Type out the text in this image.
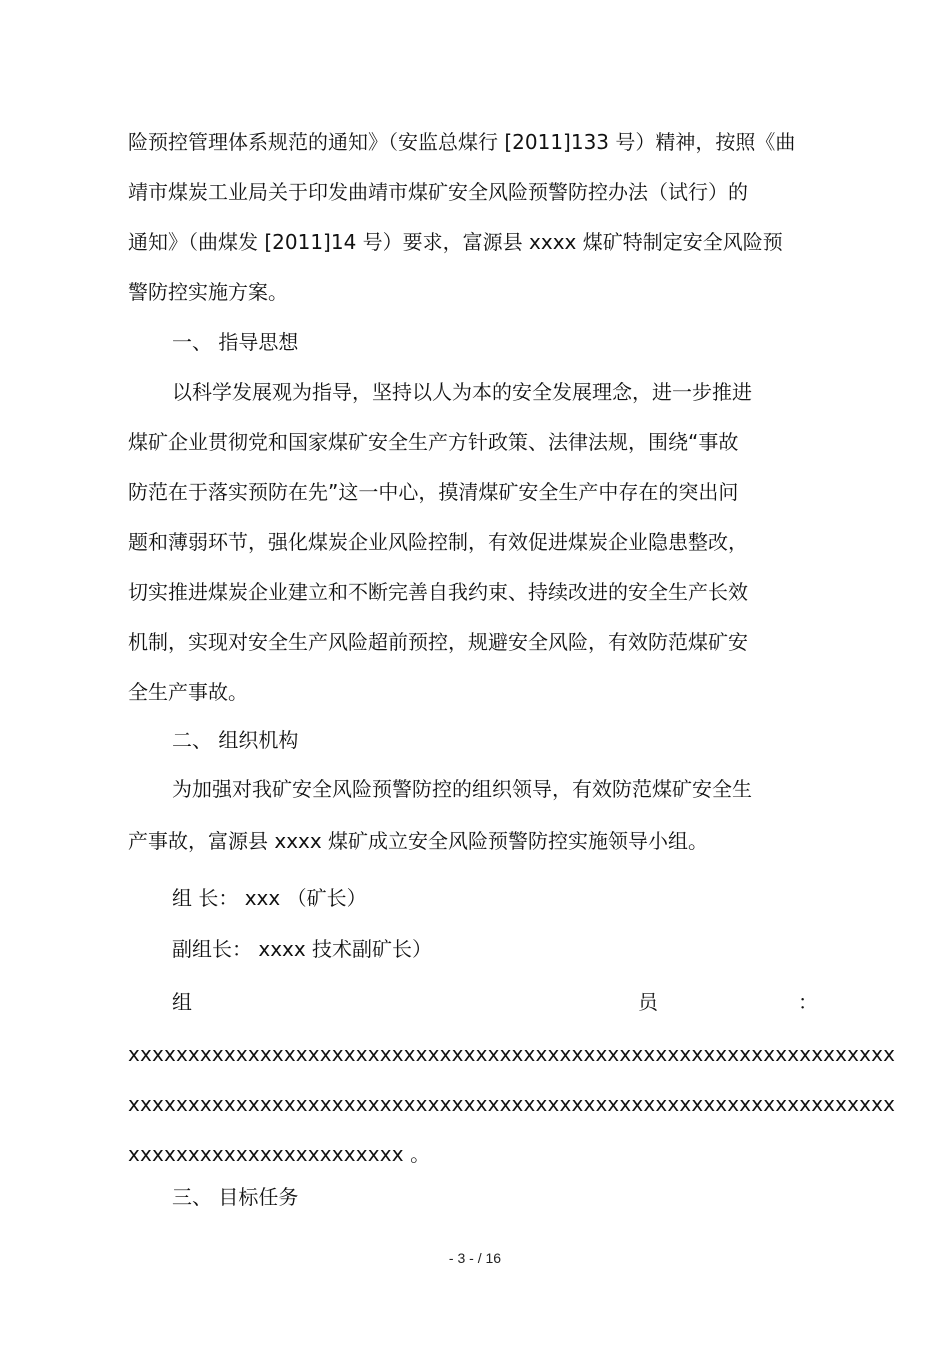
险预控管理体系规范的通知》（安监总煤行 [2011]133 号）精神，按照《曲
靖市煤炭工业局关于印发曲靖市煤矿安全风险预警防控办法（试行）的
通知》（曲煤发 [2011]14 号）要求，富源县 xxxx 煤矿特制定安全风险预
警防控实施方案。
一、 指导思想
以科学发展观为指导，坚持以人为本的安全发展理念，进一步推进
煤矿企业贯彻党和国家煤矿安全生产方针政策、法律法规，围绕“事故
防范在于落实预防在先”这一中心，摸清煤矿安全生产中存在的突出问
题和薄弱环节，强化煤炭企业风险控制，有效促进煤炭企业隐患整改，
切实推进煤炭企业建立和不断完善自我约束、持续改进的安全生产长效
机制，实现对安全生产风险超前预控，规避安全风险，有效防范煤矿安
全生产事故。
二、 组织机构
为加强对我矿安全风险预警防控的组织领导，有效防范煤矿安全生
产事故，富源县 xxxx 煤矿成立安全风险预警防控实施领导小组。
组 长： xxx （矿长）
副组长： xxxx 技术副矿长）
组	员	：
xxxxxxxxxxxxxxxxxxxxxxxxxxxxxxxxxxxxxxxxxxxxxxxxxxxxxxxxxxxxxxxx
xxxxxxxxxxxxxxxxxxxxxxxxxxxxxxxxxxxxxxxxxxxxxxxxxxxxxxxxxxxxxxxx
xxxxxxxxxxxxxxxxxxxxxxx 。
三、 目标任务
- 3 - / 16
